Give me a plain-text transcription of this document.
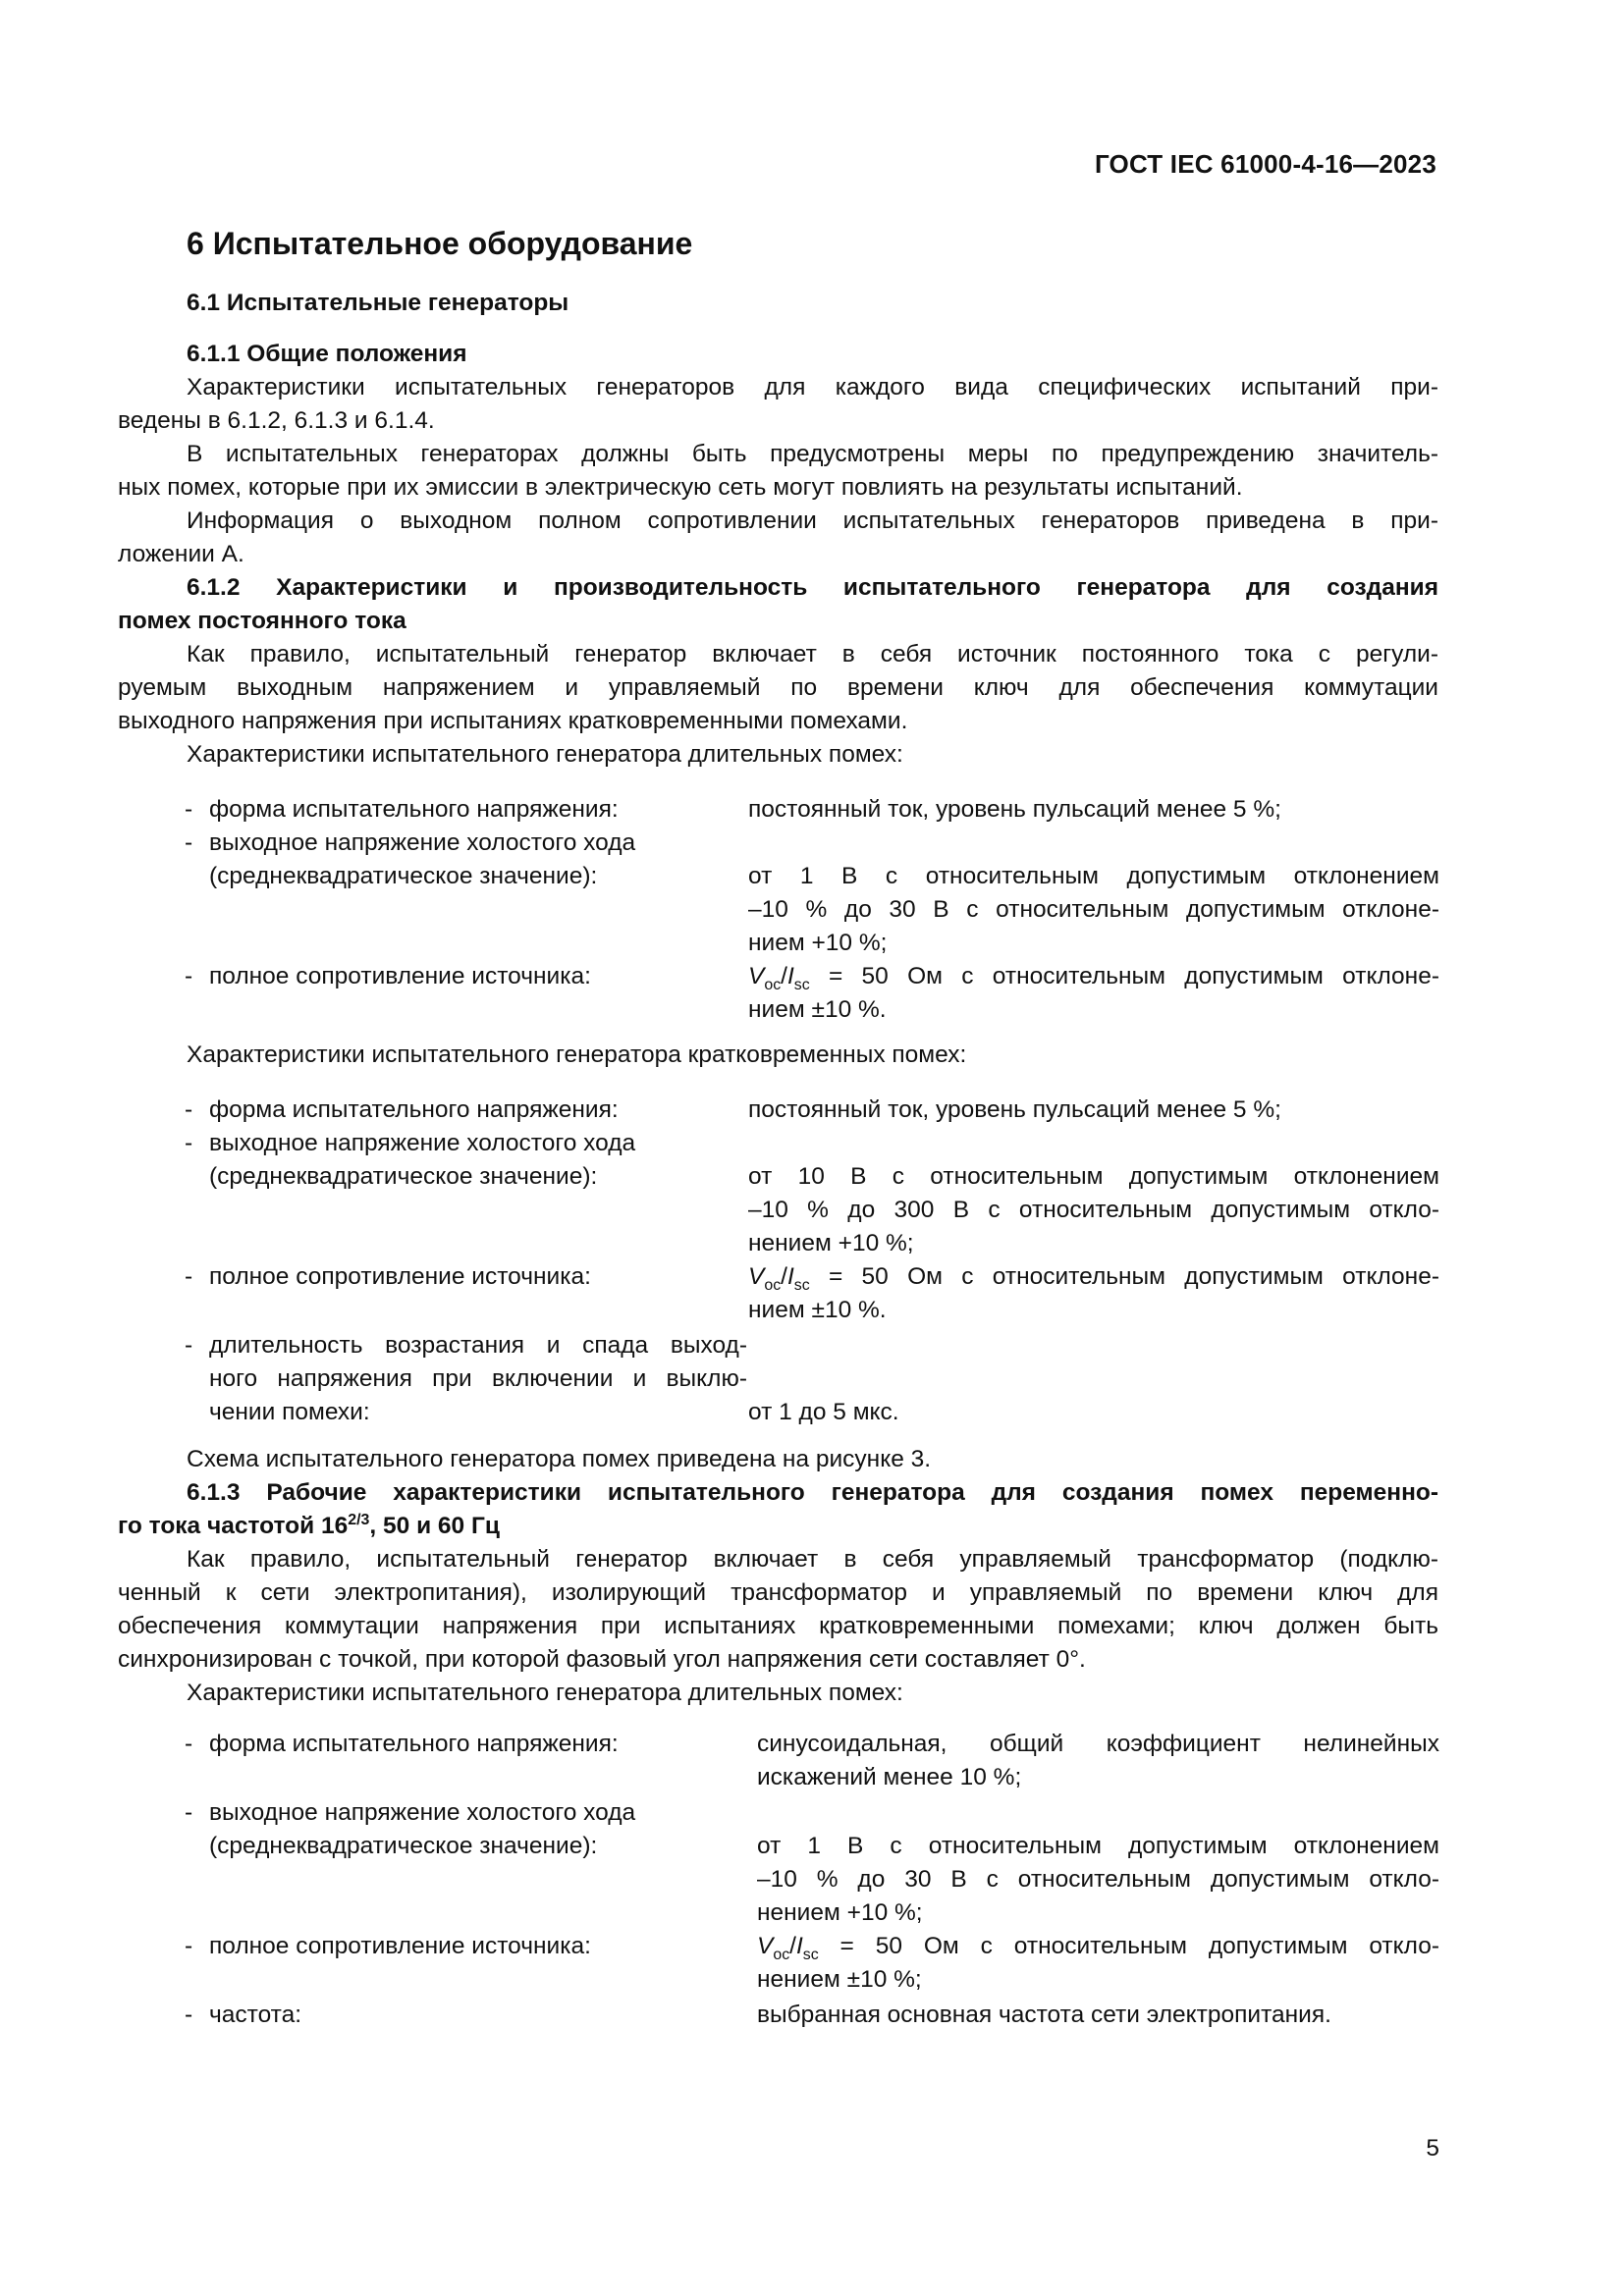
ГОСТ IEC 61000-4-16—2023
6 Испытательное оборудование
6.1 Испытательные генераторы
6.1.1 Общие положения
Характеристики испытательных генераторов для каждого вида специфических испытаний при-
ведены в 6.1.2, 6.1.3 и 6.1.4.
В испытательных генераторах должны быть предусмотрены меры по предупреждению значитель-
ных помех, которые при их эмиссии в электрическую сеть могут повлиять на результаты испытаний.
Информация о выходном полном сопротивлении испытательных генераторов приведена в при-
ложении А.
6.1.2 Характеристики и производительность испытательного генератора для создания
помех постоянного тока
Как правило, испытательный генератор включает в себя источник постоянного тока с регули-
руемым выходным напряжением и управляемый по времени ключ для обеспечения коммутации
выходного напряжения при испытаниях кратковременными помехами.
Характеристики испытательного генератора длительных помех:
- форма испытательного напряжения:	постоянный ток, уровень пульсаций менее 5 %;
- выходное напряжение холостого хода
(среднеквадратическое значение):	от 1 В с относительным допустимым отклонением
–10 % до 30 В с относительным допустимым отклоне-
нием +10 %;
- полное сопротивление источника:	$V_{oc}/I_{sc} = 50$ Ом с относительным допустимым отклоне-
нием ±10 %.
Характеристики испытательного генератора кратковременных помех:
- форма испытательного напряжения:	постоянный ток, уровень пульсаций менее 5 %;
- выходное напряжение холостого хода
(среднеквадратическое значение):	от 10 В с относительным допустимым отклонением
–10 % до 300 В с относительным допустимым откло-
нением +10 %;
- полное сопротивление источника:	$V_{oc}/I_{sc} = 50$ Ом с относительным допустимым отклоне-
нием ±10 %.
- длительность возрастания и спада выход-
ного напряжения при включении и выклю-
чении помехи:	от 1 до 5 мкс.
Схема испытательного генератора помех приведена на рисунке 3.
6.1.3 Рабочие характеристики испытательного генератора для создания помех переменно-
го тока частотой $16^{2/3}$, 50 и 60 Гц
Как правило, испытательный генератор включает в себя управляемый трансформатор (подклю-
ченный к сети электропитания), изолирующий трансформатор и управляемый по времени ключ для
обеспечения коммутации напряжения при испытаниях кратковременными помехами; ключ должен быть
синхронизирован с точкой, при которой фазовый угол напряжения сети составляет 0°.
Характеристики испытательного генератора длительных помех:
- форма испытательного напряжения:	синусоидальная, общий коэффициент нелинейных
искажений менее 10 %;
- выходное напряжение холостого хода
(среднеквадратическое значение):	от 1 В с относительным допустимым отклонением
–10 % до 30 В с относительным допустимым откло-
нением +10 %;
- полное сопротивление источника:	$V_{oc}/I_{sc} = 50$ Ом с относительным допустимым откло-
нением ±10 %;
- частота:	выбранная основная частота сети электропитания.
5
